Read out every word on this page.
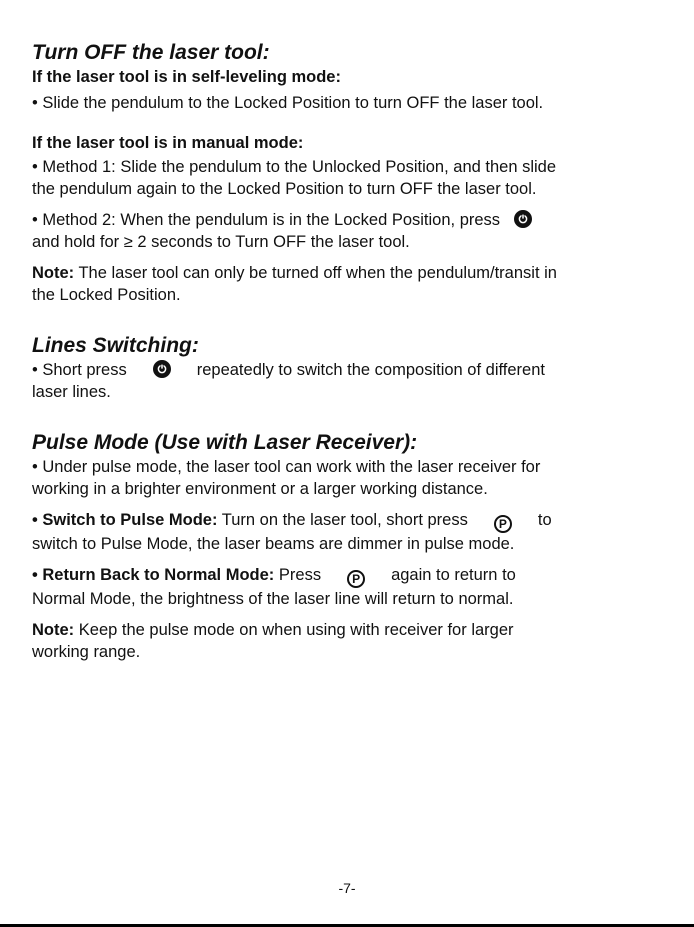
Turn OFF the laser tool:

If the laser tool is in self-leveling mode:

• Slide the pendulum to the Locked Position to turn OFF the laser tool.

If the laser tool is in manual mode:

• Method 1: Slide the pendulum to the Unlocked Position, and then slide

the pendulum again to the Locked Position to turn OFF the laser tool.

• Method 2: When the pendulum is in the Locked Position, press

and hold for ≥ 2 seconds to Turn OFF the laser tool.

Note: The laser tool can only be turned off when the pendulum/transit in

the Locked Position.

Lines Switching:

• Short press	repeatedly to switch the composition of different

laser lines.

Pulse Mode (Use with Laser Receiver):

• Under pulse mode, the laser tool can work with the laser receiver for

working in a brighter environment or a larger working distance.

• Switch to Pulse Mode: Turn on the laser tool, short press	P to

switch to Pulse Mode, the laser beams are dimmer in pulse mode.

• Return Back to Normal Mode: Press	P again to return to

Normal Mode, the brightness of the laser line will return to normal.

Note: Keep the pulse mode on when using with receiver for larger

working range.

-7-
